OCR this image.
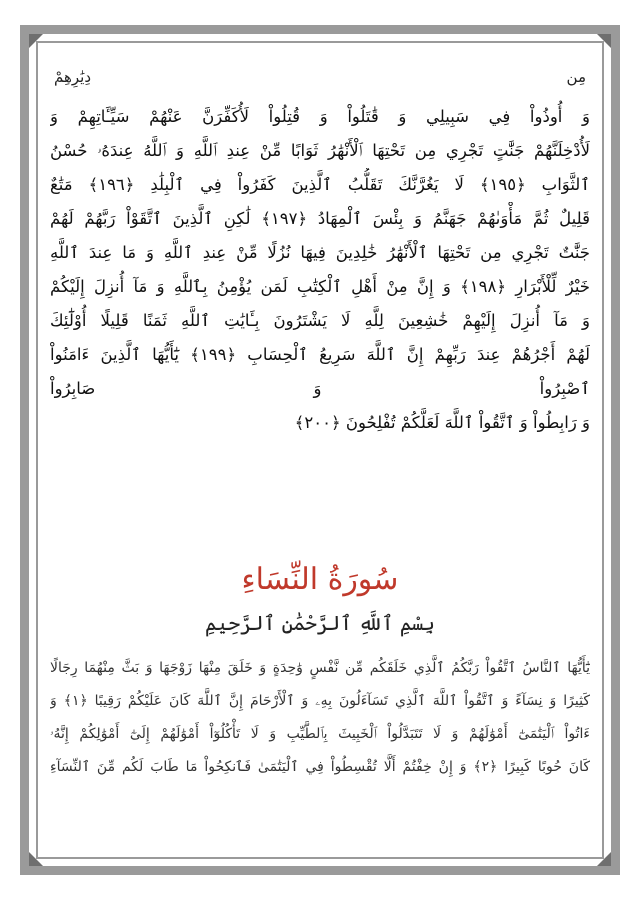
مِن
دِيَٰرِهِمْ
وَ أُوذُواْ فِي سَبِيلِي وَ قَٰتَلُواْ وَ قُتِلُواْ لَأُكَفِّرَنَّ عَنْهُمْ سَيِّـَٔاتِهِمْ وَ
لَأُدْخِلَنَّهُمْ جَنَّٰتٍ تَجْرِي مِن تَحْتِهَا ٱلْأَنْهَٰرُ ثَوَابًا مِّنْ عِندِ ٱللَّهِ وَ ٱللَّهُ عِندَهُۥ حُسْنُ
ٱلثَّوَابِ ﴿١٩٥﴾ لَا يَغُرَّنَّكَ تَقَلُّبُ ٱلَّذِينَ كَفَرُواْ فِي ٱلْبِلَٰدِ ﴿١٩٦﴾ مَتَٰعٌ
قَلِيلٌ ثُمَّ مَأْوَىٰهُمْ جَهَنَّمُ وَ بِئْسَ ٱلْمِهَادُ ﴿١٩٧﴾ لَٰكِنِ ٱلَّذِينَ ٱتَّقَوْاْ رَبَّهُمْ لَهُمْ
جَنَّٰتٌ تَجْرِي مِن تَحْتِهَا ٱلْأَنْهَٰرُ خَٰلِدِينَ فِيهَا نُزُلًا مِّنْ عِندِ ٱللَّهِ وَ مَا عِندَ ٱللَّهِ
خَيْرٌ لِّلْأَبْرَارِ ﴿١٩٨﴾ وَ إِنَّ مِنْ أَهْلِ ٱلْكِتَٰبِ لَمَن يُؤْمِنُ بِٱللَّهِ وَ مَآ أُنزِلَ إِلَيْكُمْ
وَ مَآ أُنزِلَ إِلَيْهِمْ خَٰشِعِينَ لِلَّهِ لَا يَشْتَرُونَ بِـَٔايَٰتِ ٱللَّهِ ثَمَنًا قَلِيلًا أُوْلَٰٓئِكَ
لَهُمْ أَجْرُهُمْ عِندَ رَبِّهِمْ إِنَّ ٱللَّهَ سَرِيعُ ٱلْحِسَابِ ﴿١٩٩﴾ يَٰٓأَيُّهَا ٱلَّذِينَ ءَامَنُواْ
ٱصْبِرُواْ
وَ
صَابِرُواْ
وَ رَابِطُواْ وَ ٱتَّقُواْ ٱللَّهَ لَعَلَّكُمْ تُفْلِحُونَ ﴿٢٠٠﴾
سُورَةُ النِّسَاءِ
بِسْمِ ٱللَّهِ ٱلرَّحْمَٰنِ ٱلرَّحِيمِ
يَٰٓأَيُّهَا ٱلنَّاسُ ٱتَّقُواْ رَبَّكُمُ ٱلَّذِي خَلَقَكُم مِّن نَّفْسٍ وَٰحِدَةٍ وَ خَلَقَ مِنْهَا زَوْجَهَا وَ بَثَّ مِنْهُمَا رِجَالًا
كَثِيرًا وَ نِسَآءً وَ ٱتَّقُواْ ٱللَّهَ ٱلَّذِي تَسَآءَلُونَ بِهِۦ وَ ٱلْأَرْحَامَ إِنَّ ٱللَّهَ كَانَ عَلَيْكُمْ رَقِيبًا ﴿١﴾ وَ
ءَاتُواْ ٱلْيَتَٰمَىٰٓ أَمْوَٰلَهُمْ وَ لَا تَتَبَدَّلُواْ ٱلْخَبِيثَ بِٱلطَّيِّبِ وَ لَا تَأْكُلُوٓاْ أَمْوَٰلَهُمْ إِلَىٰٓ أَمْوَٰلِكُمْ إِنَّهُۥ
كَانَ حُوبًا كَبِيرًا ﴿٢﴾ وَ إِنْ خِفْتُمْ أَلَّا تُقْسِطُواْ فِي ٱلْيَتَٰمَىٰ فَٱنكِحُواْ مَا طَابَ لَكُم مِّنَ ٱلنِّسَآءِ
